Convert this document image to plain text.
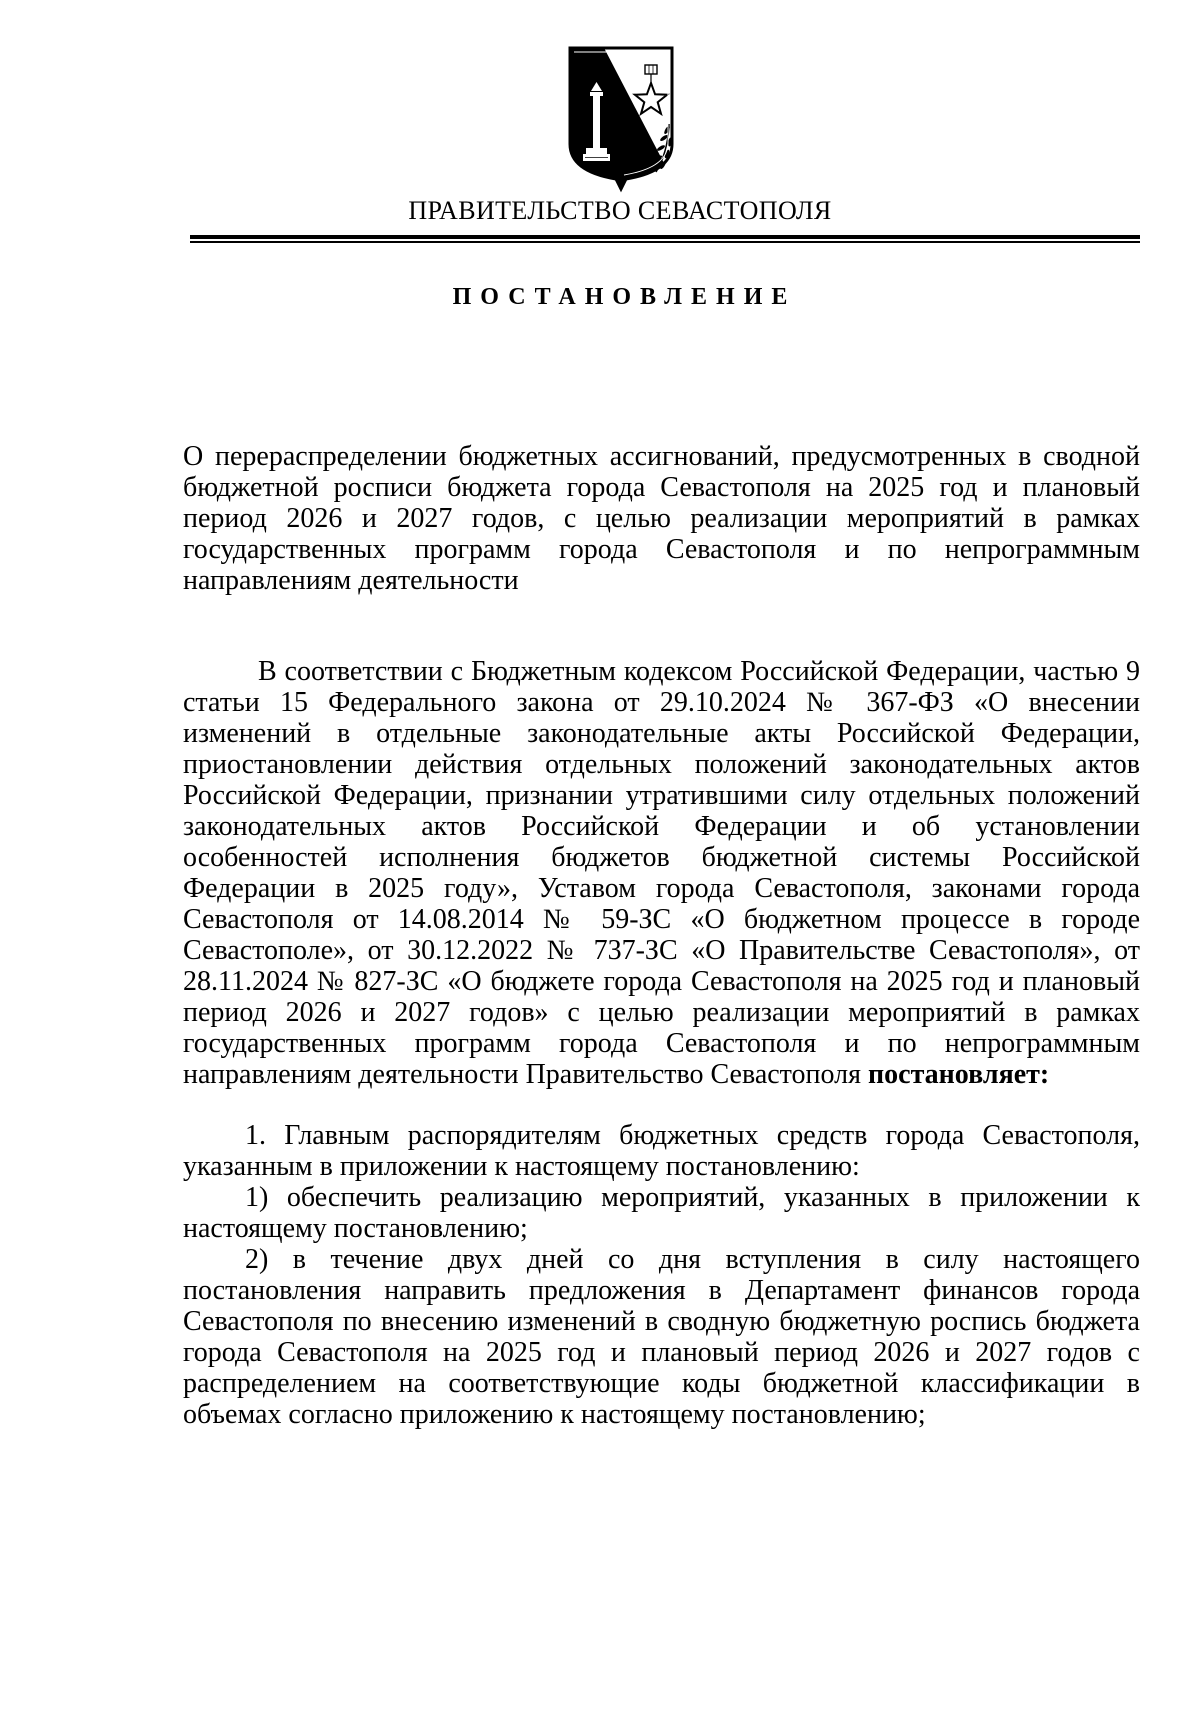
ПРАВИТЕЛЬСТВО СЕВАСТОПОЛЯ
ПОСТАНОВЛЕНИЕ

О перераспределении бюджетных ассигнований, предусмотренных в сводной бюджетной росписи бюджета города Севастополя на 2025 год и плановый период 2026 и 2027 годов, с целью реализации мероприятий в рамках государственных программ города Севастополя и по непрограммным направлениям деятельности

В соответствии с Бюджетным кодексом Российской Федерации, частью 9 статьи 15 Федерального закона от 29.10.2024 № 367-ФЗ «О внесении изменений в отдельные законодательные акты Российской Федерации, приостановлении действия отдельных положений законодательных актов Российской Федерации, признании утратившими силу отдельных положений законодательных актов Российской Федерации и об установлении особенностей исполнения бюджетов бюджетной системы Российской Федерации в 2025 году», Уставом города Севастополя, законами города Севастополя от 14.08.2014 № 59-ЗС «О бюджетном процессе в городе Севастополе», от 30.12.2022 № 737-ЗС «О Правительстве Севастополя», от 28.11.2024 № 827-ЗС «О бюджете города Севастополя на 2025 год и плановый период 2026 и 2027 годов» с целью реализации мероприятий в рамках государственных программ города Севастополя и по непрограммным направлениям деятельности Правительство Севастополя постановляет:

1. Главным распорядителям бюджетных средств города Севастополя, указанным в приложении к настоящему постановлению:

1) обеспечить реализацию мероприятий, указанных в приложении к настоящему постановлению;

2) в течение двух дней со дня вступления в силу настоящего постановления направить предложения в Департамент финансов города Севастополя по внесению изменений в сводную бюджетную роспись бюджета города Севастополя на 2025 год и плановый период 2026 и 2027 годов с распределением на соответствующие коды бюджетной классификации в объемах согласно приложению к настоящему постановлению;
